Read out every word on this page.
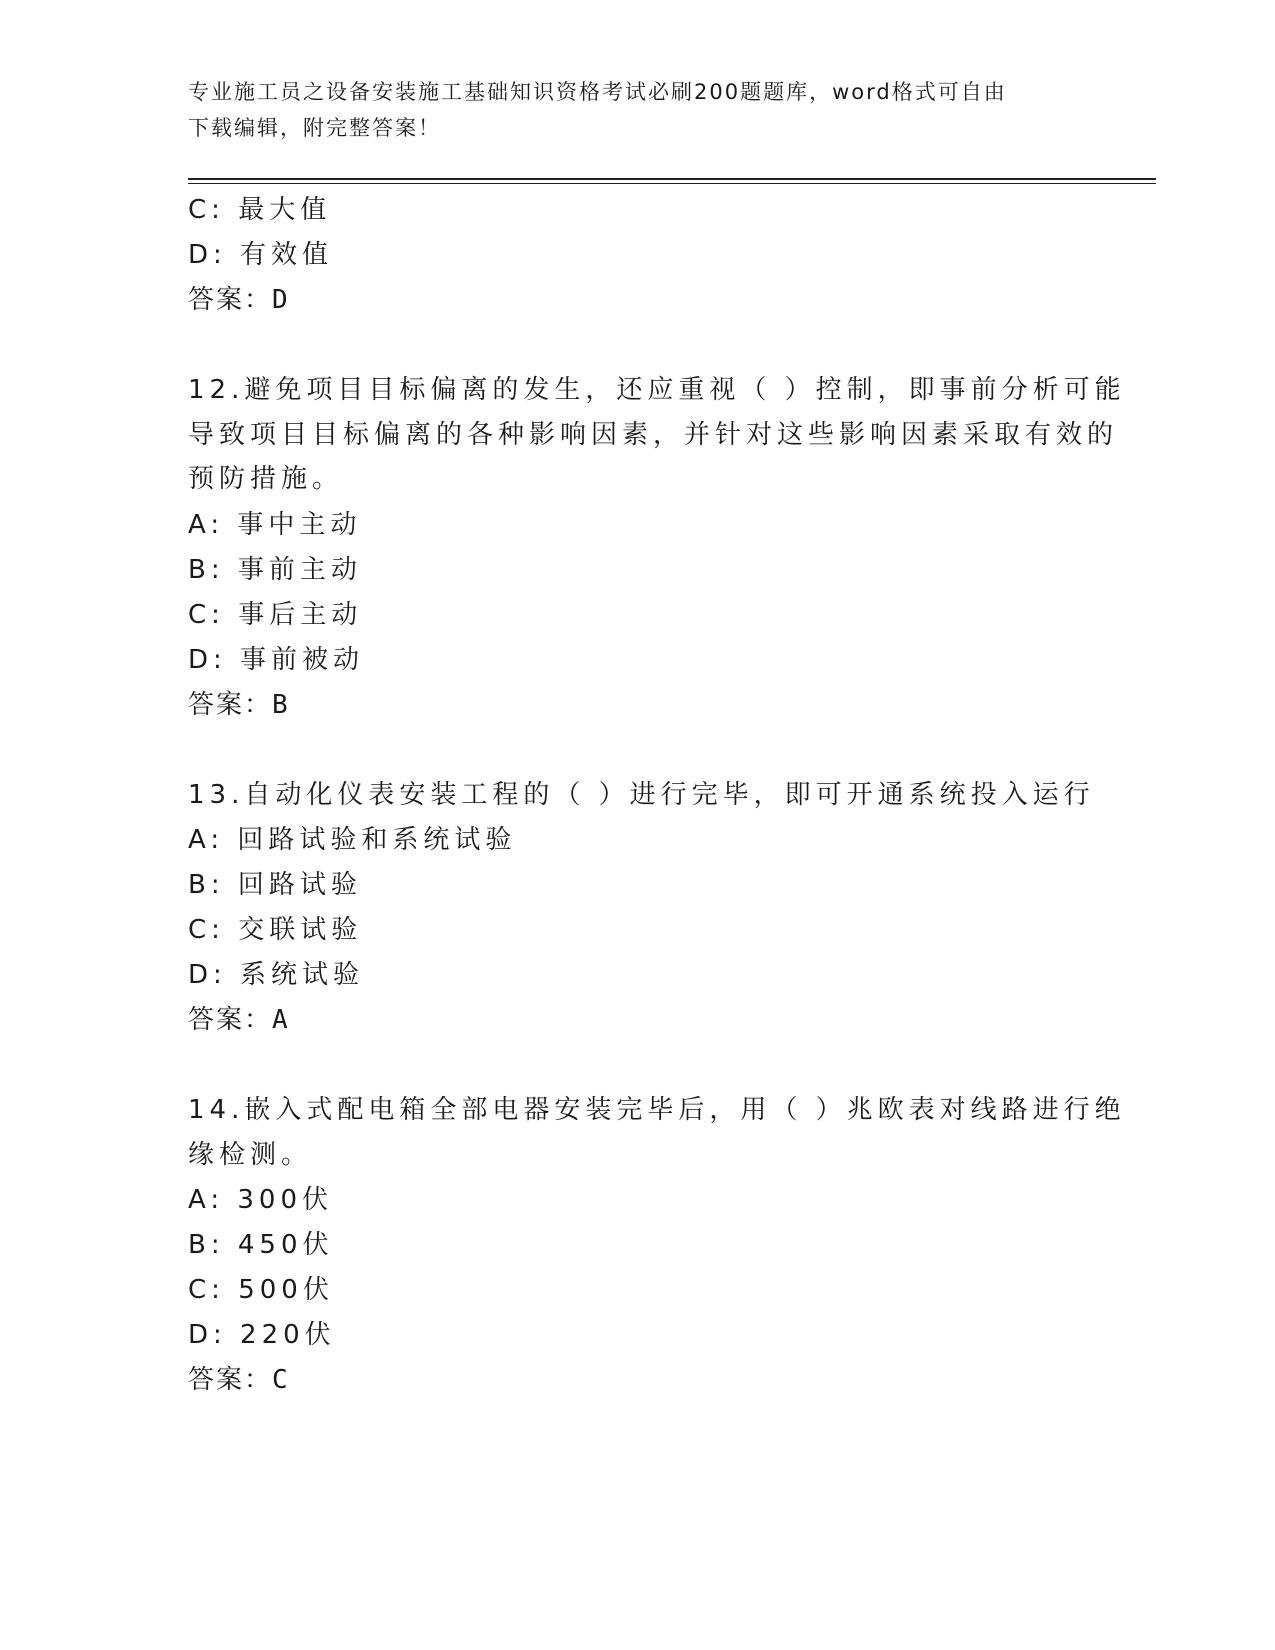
专业施工员之设备安装施工基础知识资格考试必刷200题题库，word格式可自由
下载编辑，附完整答案！
C: 最大值
D: 有效值
答案：D
12.避免项目目标偏离的发生，还应重视（ ）控制，即事前分析可能
导致项目目标偏离的各种影响因素，并针对这些影响因素采取有效的
预防措施。
A: 事中主动
B: 事前主动
C: 事后主动
D: 事前被动
答案：B
13.自动化仪表安装工程的（ ）进行完毕，即可开通系统投入运行
A: 回路试验和系统试验
B: 回路试验
C: 交联试验
D: 系统试验
答案：A
14.嵌入式配电箱全部电器安装完毕后，用（ ）兆欧表对线路进行绝
缘检测。
A: 300伏
B: 450伏
C: 500伏
D: 220伏
答案：C
